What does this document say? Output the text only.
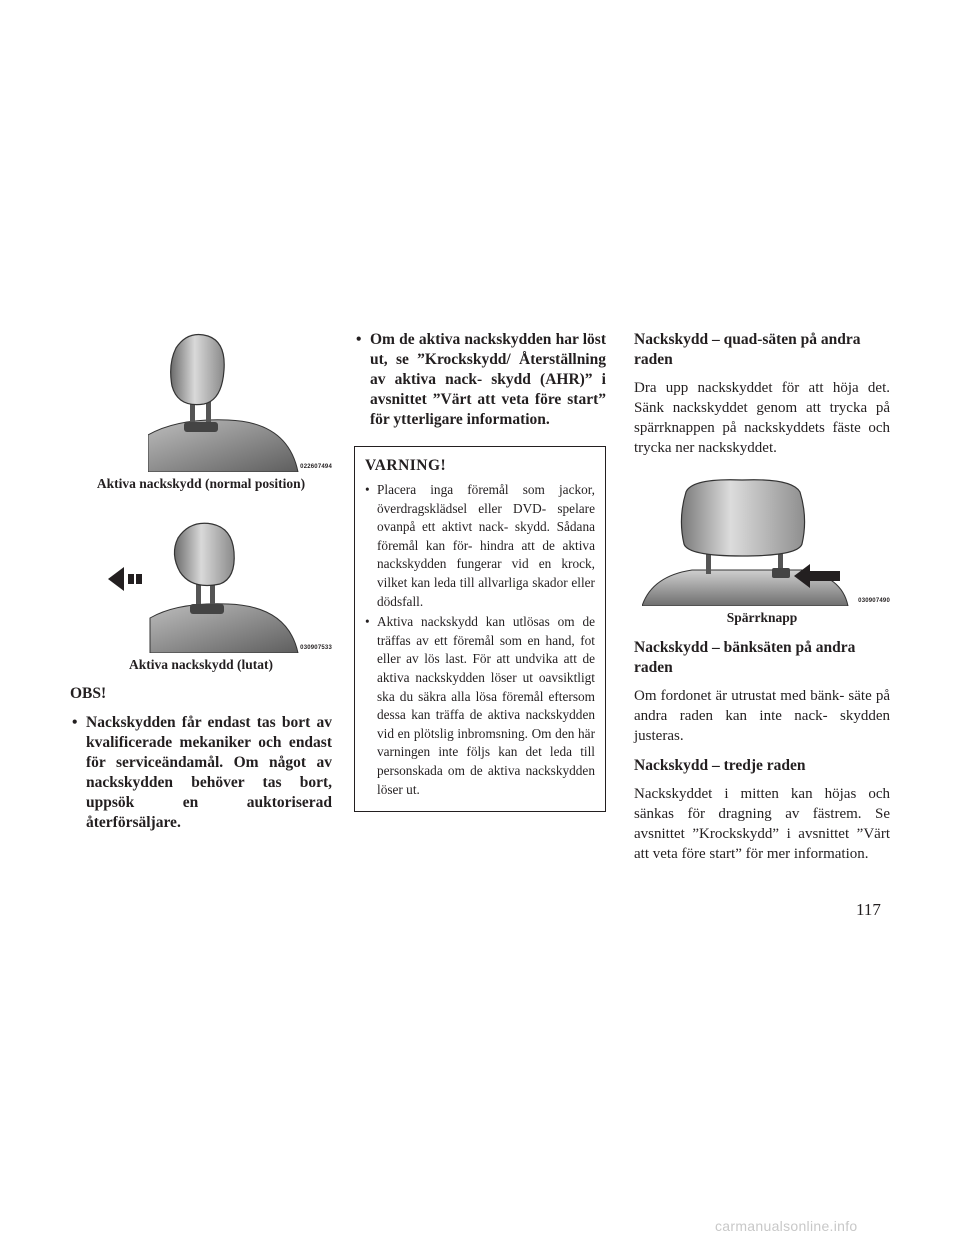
022607494
Aktiva nackskydd (normal position)
030907533
Aktiva nackskydd (lutat)
OBS!

• Nackskydden får endast tas bort av kvalificerade mekaniker och endast för serviceändamål. Om något av nackskydden behöver tas bort, uppsök en auktoriserad återförsäljare.

• Om de aktiva nackskydden har löst ut, se ”Krockskydd/ Återställning av aktiva nack- skydd (AHR)” i avsnittet ”Värt att veta före start” för ytterligare information.

VARNING!
• Placera inga föremål som jackor, överdragsklädsel eller DVD- spelare ovanpå ett aktivt nack- skydd. Sådana föremål kan för- hindra att de aktiva nackskydden fungerar vid en krock, vilket kan leda till allvarliga skador eller dödsfall.
• Aktiva nackskydd kan utlösas om de träffas av ett föremål som en hand, fot eller av lös last. För att undvika att de aktiva nackskydden löser ut oavsiktligt ska du säkra alla lösa föremål eftersom dessa kan träffa de aktiva nackskydden vid en plötslig inbromsning. Om den här varningen inte följs kan det leda till personskada om de aktiva nackskydden löser ut.
Nackskydd – quad-säten på andra raden

Dra upp nackskyddet för att höja det. Sänk nackskyddet genom att trycka på spärrknappen på nackskyddets fäste och trycka ner nackskyddet.

030907490
Spärrknapp
Nackskydd – bänksäten på andra raden

Om fordonet är utrustat med bänk- säte på andra raden kan inte nack- skydden justeras.

Nackskydd – tredje raden

Nackskyddet i mitten kan höjas och sänkas för dragning av fästrem. Se avsnittet ”Krockskydd” i avsnittet ”Värt att veta före start” för mer information.

117
carmanualsonline.info
